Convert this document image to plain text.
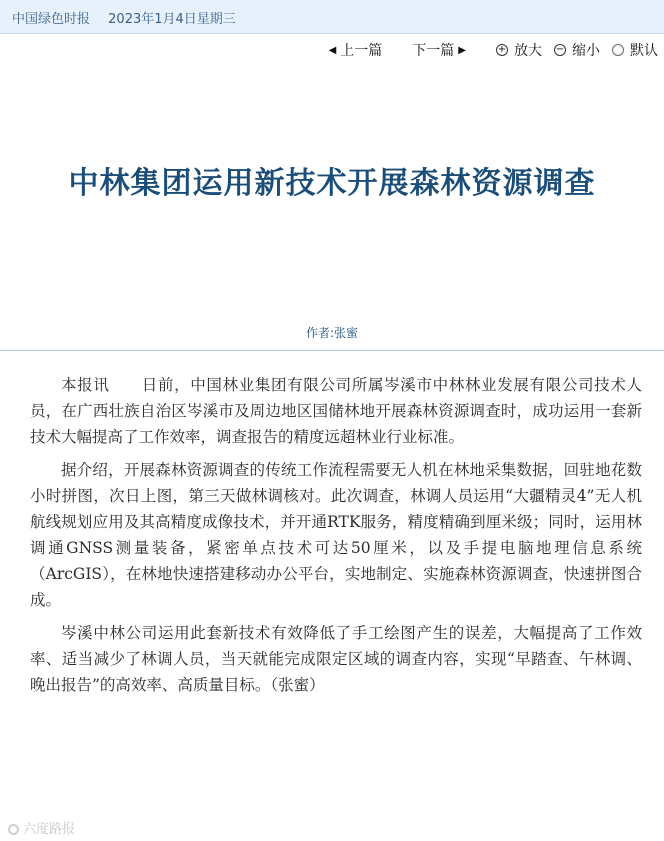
中国绿色时报 2023年1月4日星期三
◀ 上一篇 下一篇 ▶	+ 放大 − 缩小 默认
中林集团运用新技术开展森林资源调查
作者:张蜜

本报讯　　日前，中国林业集团有限公司所属岑溪市中林林业发展有限公司技术人员，在广西壮族自治区岑溪市及周边地区国储林地开展森林资源调查时，成功运用一套新技术大幅提高了工作效率，调查报告的精度远超林业行业标准。

据介绍，开展森林资源调查的传统工作流程需要无人机在林地采集数据，回驻地花数小时拼图，次日上图，第三天做林调核对。此次调查，林调人员运用“大疆精灵4”无人机航线规划应用及其高精度成像技术，并开通RTK服务，精度精确到厘米级；同时，运用林调通GNSS测量装备，紧密单点技术可达50厘米，以及手提电脑地理信息系统（ArcGIS），在林地快速搭建移动办公平台，实地制定、实施森林资源调查，快速拼图合成。

岑溪中林公司运用此套新技术有效降低了手工绘图产生的误差，大幅提高了工作效率、适当减少了林调人员，当天就能完成限定区域的调查内容，实现“早踏查、午林调、晚出报告”的高效率、高质量目标。（张蜜）

六度路报
